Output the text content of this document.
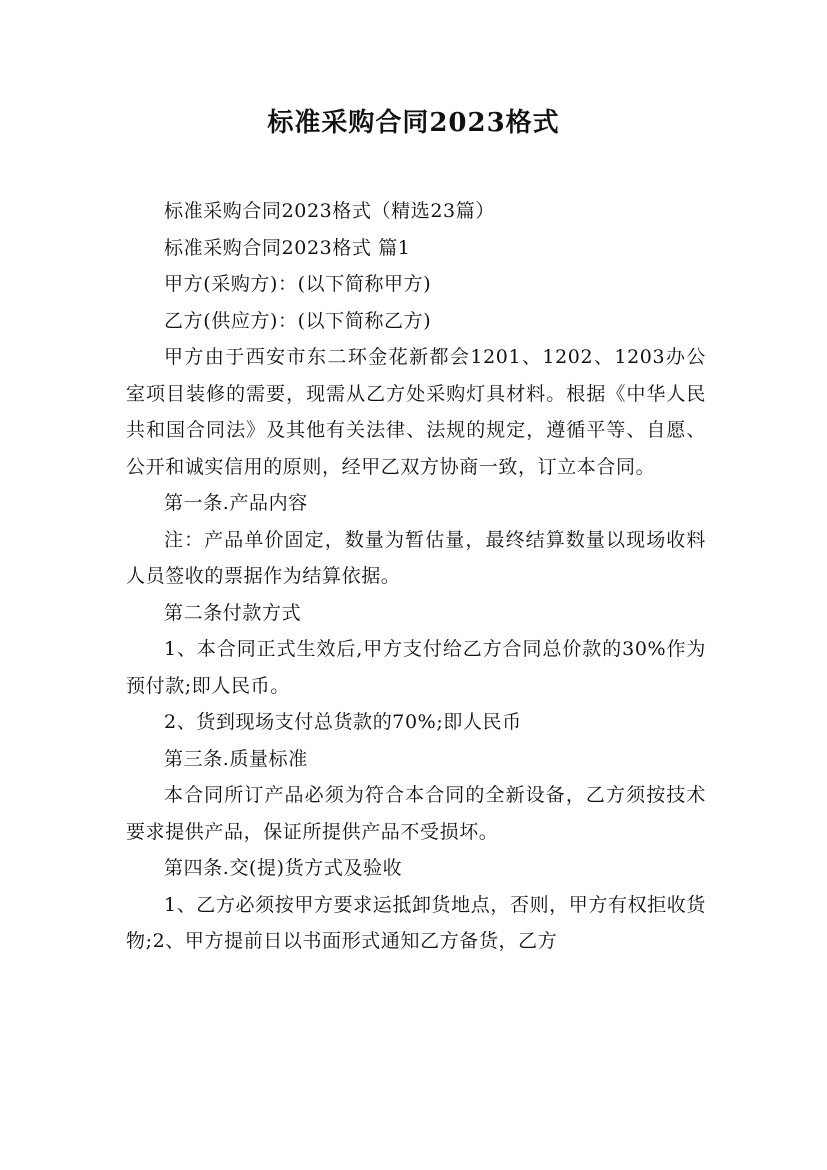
标准采购合同2023格式

标准采购合同2023格式（精选23篇）

标准采购合同2023格式 篇1

甲方(采购方)：(以下简称甲方)

乙方(供应方)：(以下简称乙方)

甲方由于西安市东二环金花新都会1201、1202、1203办公室项目装修的需要，现需从乙方处采购灯具材料。根据《中华人民共和国合同法》及其他有关法律、法规的规定，遵循平等、自愿、公开和诚实信用的原则，经甲乙双方协商一致，订立本合同。

第一条.产品内容

注：产品单价固定，数量为暂估量，最终结算数量以现场收料人员签收的票据作为结算依据。

第二条付款方式

1、本合同正式生效后,甲方支付给乙方合同总价款的30%作为预付款;即人民币。

2、货到现场支付总货款的70%;即人民币

第三条.质量标准

本合同所订产品必须为符合本合同的全新设备，乙方须按技术要求提供产品，保证所提供产品不受损坏。

第四条.交(提)货方式及验收

1、乙方必须按甲方要求运抵卸货地点，否则，甲方有权拒收货物;2、甲方提前日以书面形式通知乙方备货，乙方
